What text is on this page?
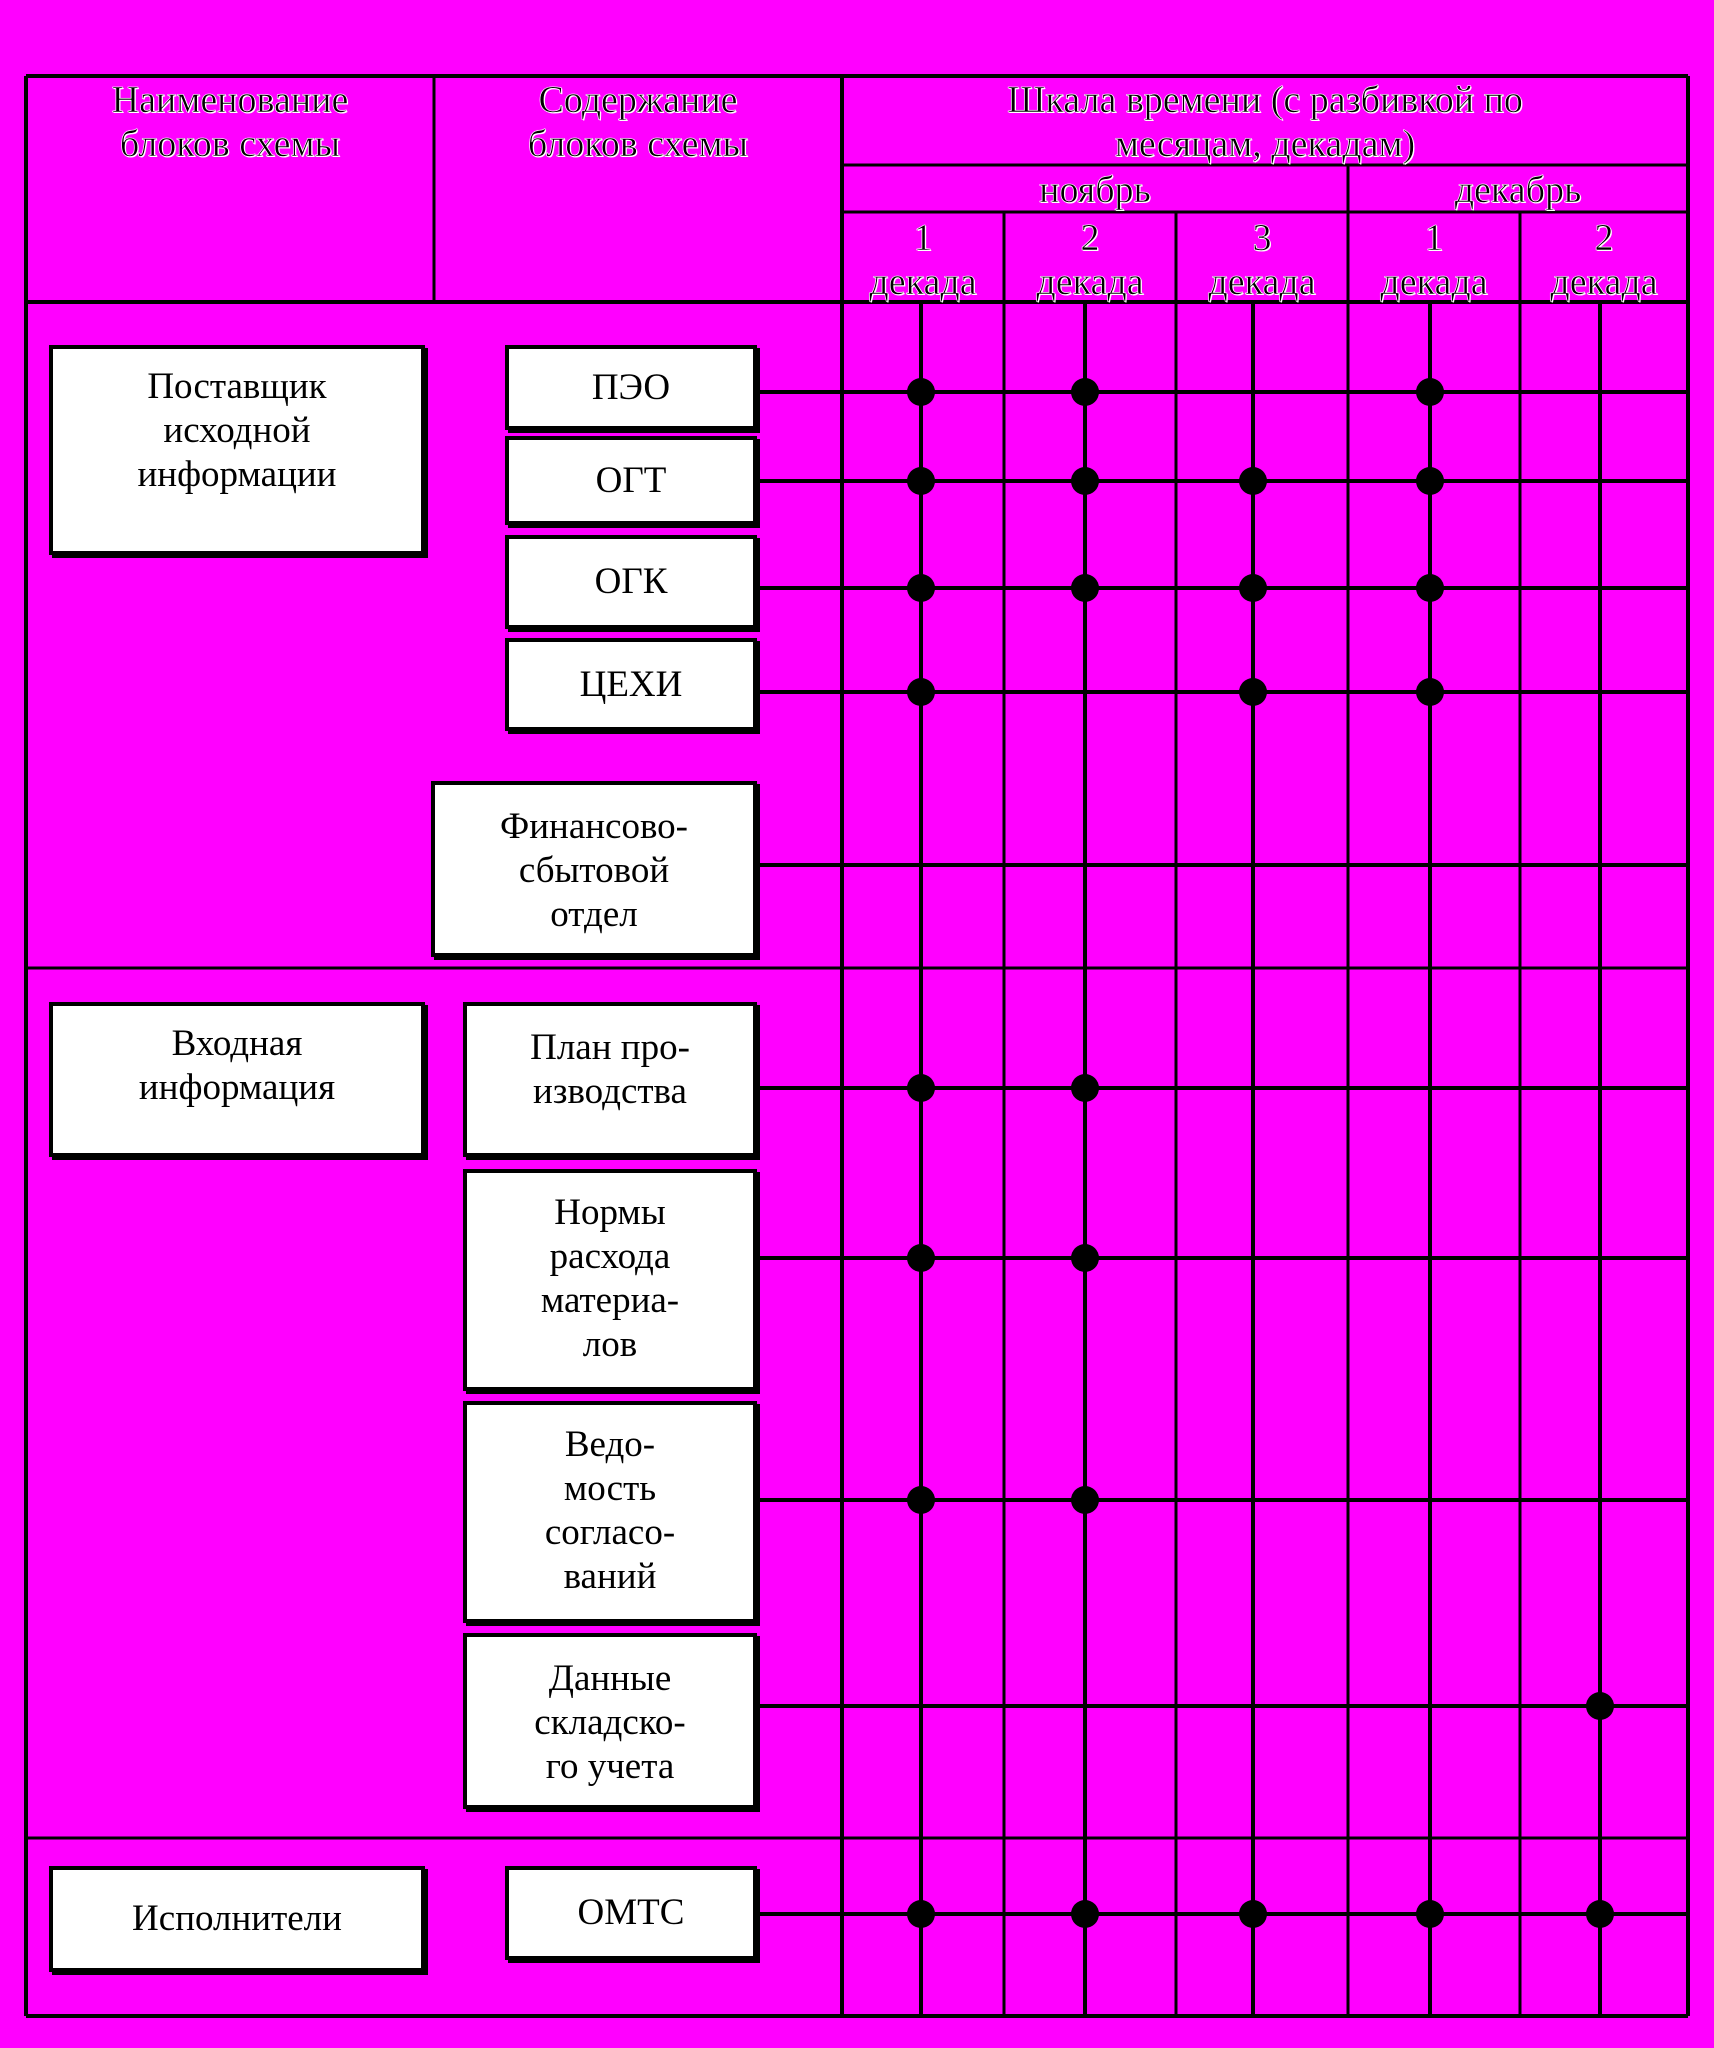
Наименование
блоков схемы
Содержание
блоков схемы
Шкала времени (с разбивкой по
месяцам, декадам)
ноябрь	декабрь
1
декада
2
декада
3
декада
1
декада
2
декада
Поставщик
исходной
информации
Входная
информация
Исполнители
ПЭО
ОГТ
ОГК
ЦЕХИ
Финансово-
сбытовой
отдел
План про-
изводства
Нормы
расхода
материа-
лов
Ведо-
мость
согласо-
ваний
Данные
складско-
го учета
ОМТС
